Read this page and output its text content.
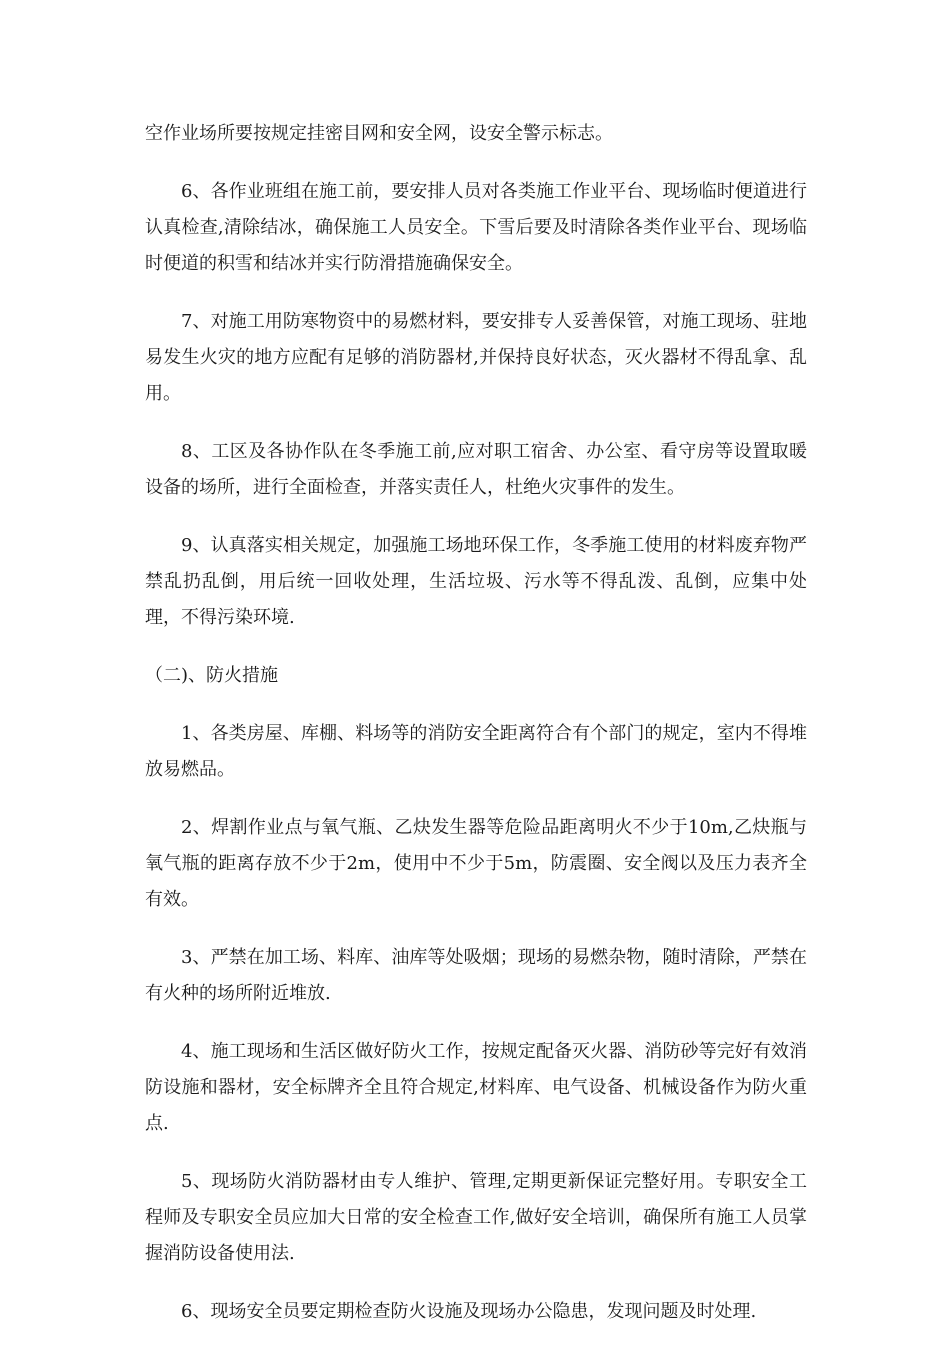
空作业场所要按规定挂密目网和安全网，设安全警示标志。

6、各作业班组在施工前，要安排人员对各类施工作业平台、现场临时便道进行认真检查,清除结冰，确保施工人员安全。下雪后要及时清除各类作业平台、现场临时便道的积雪和结冰并实行防滑措施确保安全。

7、对施工用防寒物资中的易燃材料，要安排专人妥善保管，对施工现场、驻地易发生火灾的地方应配有足够的消防器材,并保持良好状态，灭火器材不得乱拿、乱用。

8、工区及各协作队在冬季施工前,应对职工宿舍、办公室、看守房等设置取暖设备的场所，进行全面检查，并落实责任人，杜绝火灾事件的发生。

9、认真落实相关规定，加强施工场地环保工作，冬季施工使用的材料废弃物严禁乱扔乱倒，用后统一回收处理，生活垃圾、污水等不得乱泼、乱倒，应集中处理，不得污染环境.

（二)、防火措施

1、各类房屋、库棚、料场等的消防安全距离符合有个部门的规定，室内不得堆放易燃品。

2、焊割作业点与氧气瓶、乙炔发生器等危险品距离明火不少于10m,乙炔瓶与氧气瓶的距离存放不少于2m，使用中不少于5m，防震圈、安全阀以及压力表齐全有效。

3、严禁在加工场、料库、油库等处吸烟；现场的易燃杂物，随时清除，严禁在有火种的场所附近堆放.

4、施工现场和生活区做好防火工作，按规定配备灭火器、消防砂等完好有效消防设施和器材，安全标牌齐全且符合规定,材料库、电气设备、机械设备作为防火重点.

5、现场防火消防器材由专人维护、管理,定期更新保证完整好用。专职安全工程师及专职安全员应加大日常的安全检查工作,做好安全培训，确保所有施工人员掌握消防设备使用法.

6、现场安全员要定期检查防火设施及现场办公隐患，发现问题及时处理.
